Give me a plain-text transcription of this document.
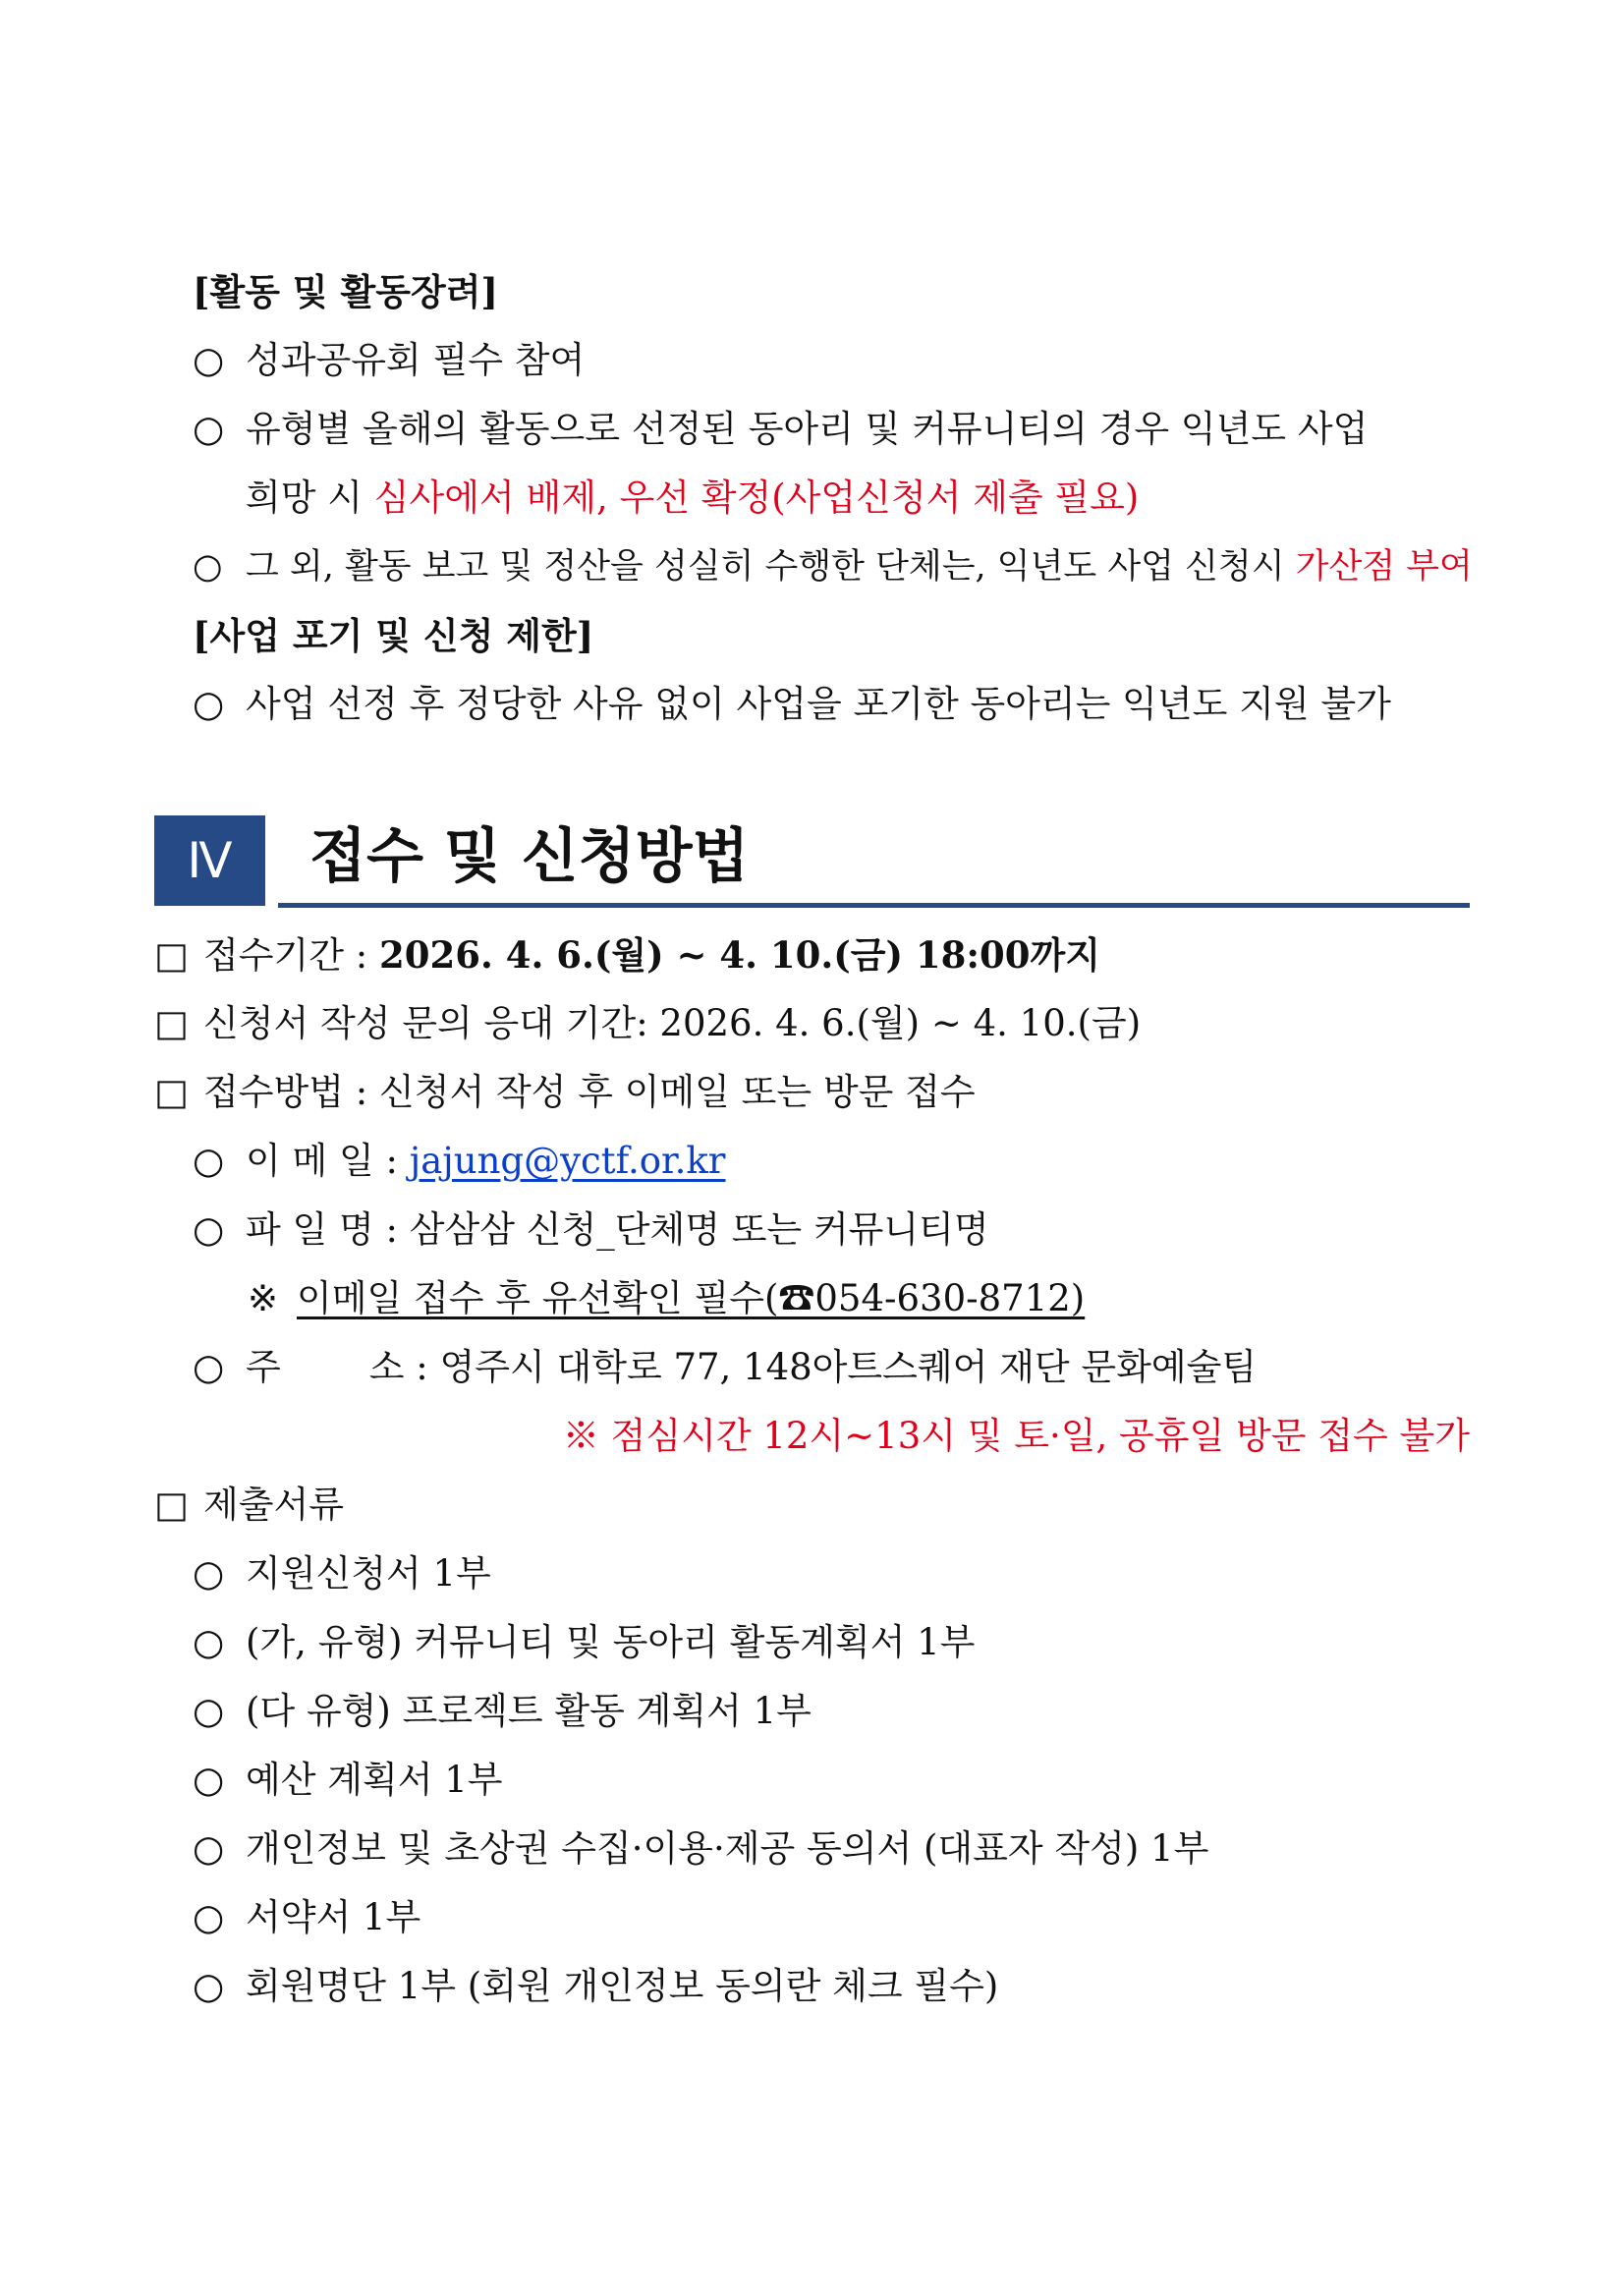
[활동 및 활동장려]
○ 성과공유회 필수 참여
○ 유형별 올해의 활동으로 선정된 동아리 및 커뮤니티의 경우 익년도 사업
희망 시 심사에서 배제, 우선 확정(사업신청서 제출 필요)
○ 그 외, 활동 보고 및 정산을 성실히 수행한 단체는, 익년도 사업 신청시 가산점 부여
[사업 포기 및 신청 제한]
○ 사업 선정 후 정당한 사유 없이 사업을 포기한 동아리는 익년도 지원 불가
Ⅳ	접수 및 신청방법
□ 접수기간 : 2026. 4. 6.(월) ~ 4. 10.(금) 18:00까지
□ 신청서 작성 문의 응대 기간: 2026. 4. 6.(월) ~ 4. 10.(금)
□ 접수방법 : 신청서 작성 후 이메일 또는 방문 접수
○ 이 메 일 : jajung@yctf.or.kr
○ 파 일 명 : 삼삼삼 신청_단체명 또는 커뮤니티명
※ 이메일 접수 후 유선확인 필수(☎054-630-8712)
○ 주 소 : 영주시 대학로 77, 148아트스퀘어 재단 문화예술팀
※ 점심시간 12시~13시 및 토·일, 공휴일 방문 접수 불가
□ 제출서류
○ 지원신청서 1부
○ (가, 유형) 커뮤니티 및 동아리 활동계획서 1부
○ (다 유형) 프로젝트 활동 계획서 1부
○ 예산 계획서 1부
○ 개인정보 및 초상권 수집·이용·제공 동의서 (대표자 작성) 1부
○ 서약서 1부
○ 회원명단 1부 (회원 개인정보 동의란 체크 필수)
